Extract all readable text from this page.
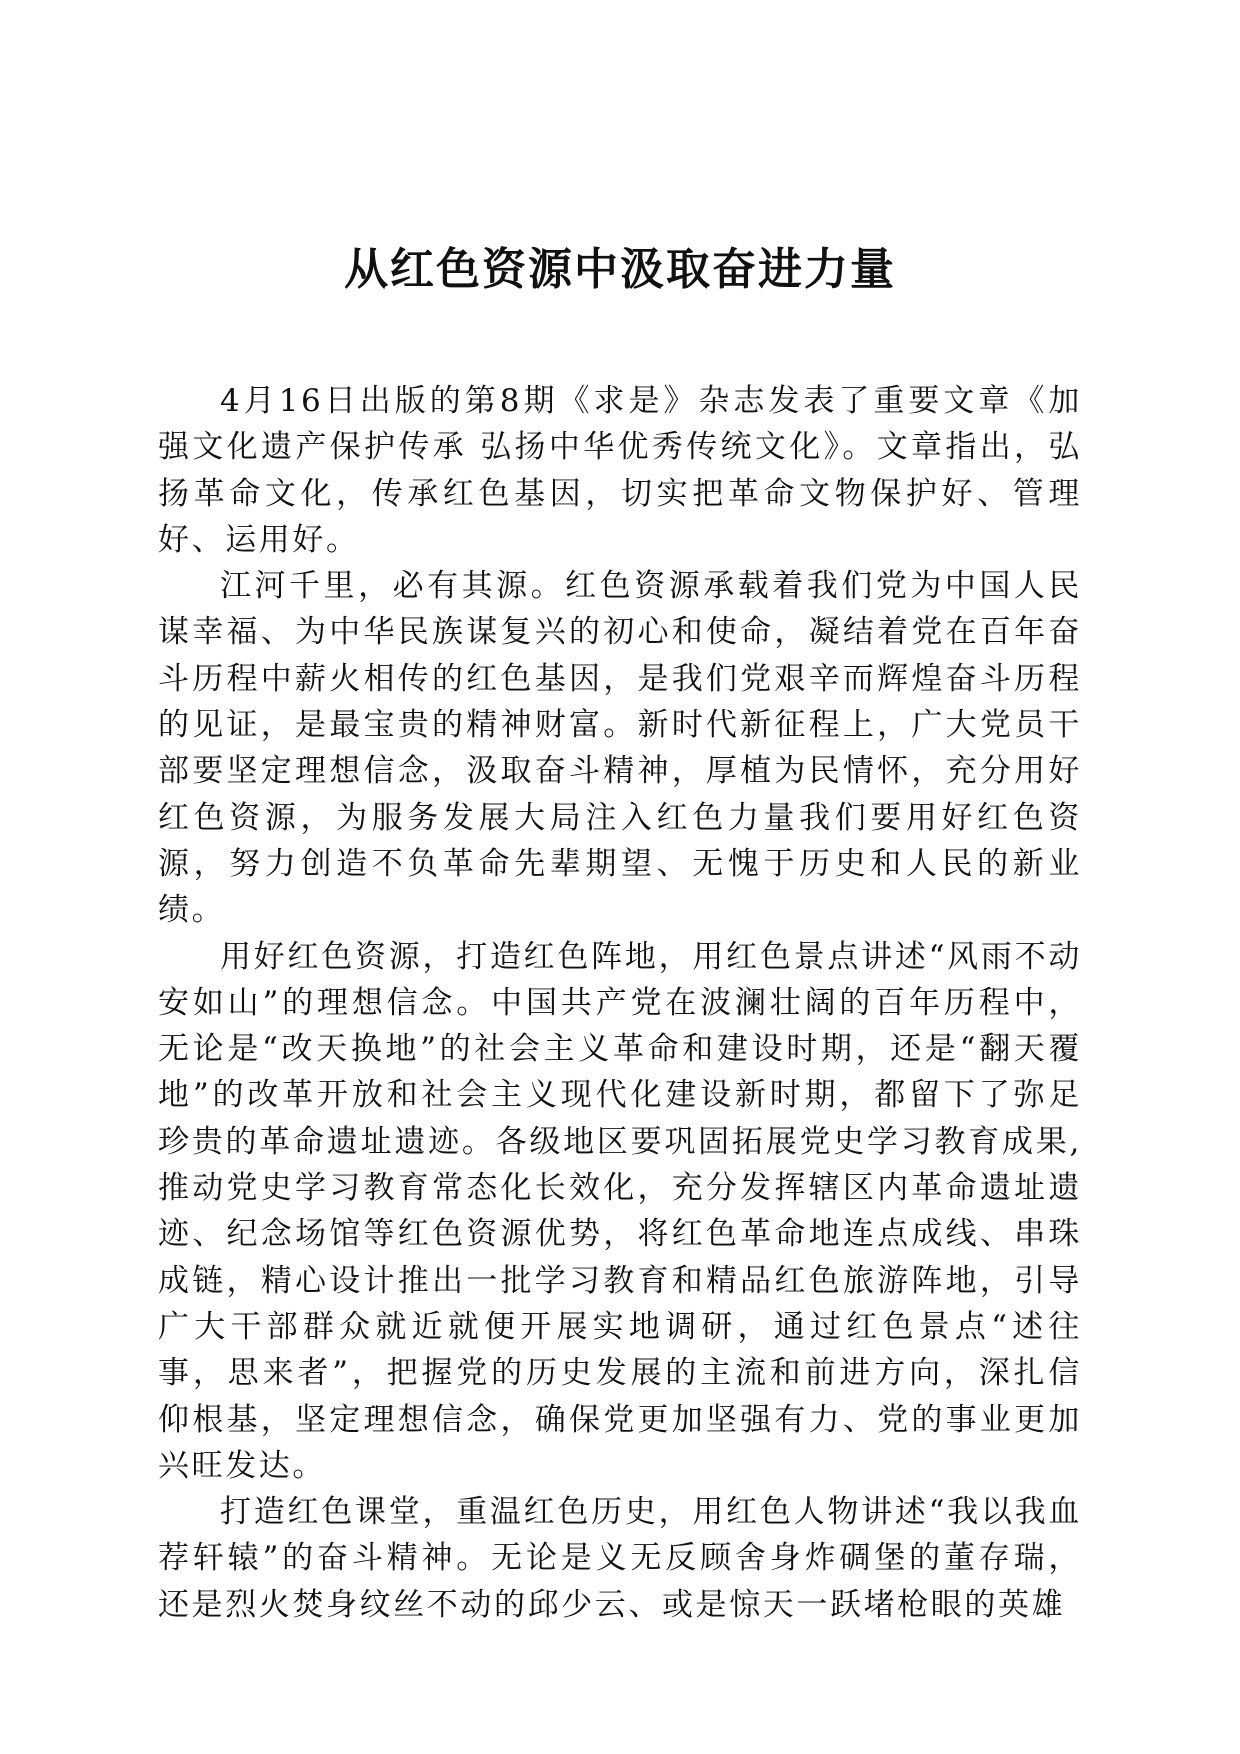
从红色资源中汲取奋进力量

4月16日出版的第8期《求是》杂志发表了重要文章《加强文化遗产保护传承 弘扬中华优秀传统文化》。文章指出，弘扬革命文化，传承红色基因，切实把革命文物保护好、管理好、运用好。

江河千里，必有其源。红色资源承载着我们党为中国人民谋幸福、为中华民族谋复兴的初心和使命，凝结着党在百年奋斗历程中薪火相传的红色基因，是我们党艰辛而辉煌奋斗历程的见证，是最宝贵的精神财富。新时代新征程上，广大党员干部要坚定理想信念，汲取奋斗精神，厚植为民情怀，充分用好红色资源，为服务发展大局注入红色力量我们要用好红色资源，努力创造不负革命先辈期望、无愧于历史和人民的新业绩。

用好红色资源，打造红色阵地，用红色景点讲述“风雨不动安如山”的理想信念。中国共产党在波澜壮阔的百年历程中，无论是“改天换地”的社会主义革命和建设时期，还是“翻天覆地”的改革开放和社会主义现代化建设新时期，都留下了弥足珍贵的革命遗址遗迹。各级地区要巩固拓展党史学习教育成果,推动党史学习教育常态化长效化，充分发挥辖区内革命遗址遗迹、纪念场馆等红色资源优势，将红色革命地连点成线、串珠成链，精心设计推出一批学习教育和精品红色旅游阵地，引导广大干部群众就近就便开展实地调研，通过红色景点“述往事，思来者”，把握党的历史发展的主流和前进方向，深扎信仰根基，坚定理想信念，确保党更加坚强有力、党的事业更加兴旺发达。

打造红色课堂，重温红色历史，用红色人物讲述“我以我血荐轩辕”的奋斗精神。无论是义无反顾舍身炸碉堡的董存瑞，还是烈火焚身纹丝不动的邱少云、或是惊天一跃堵枪眼的英雄
